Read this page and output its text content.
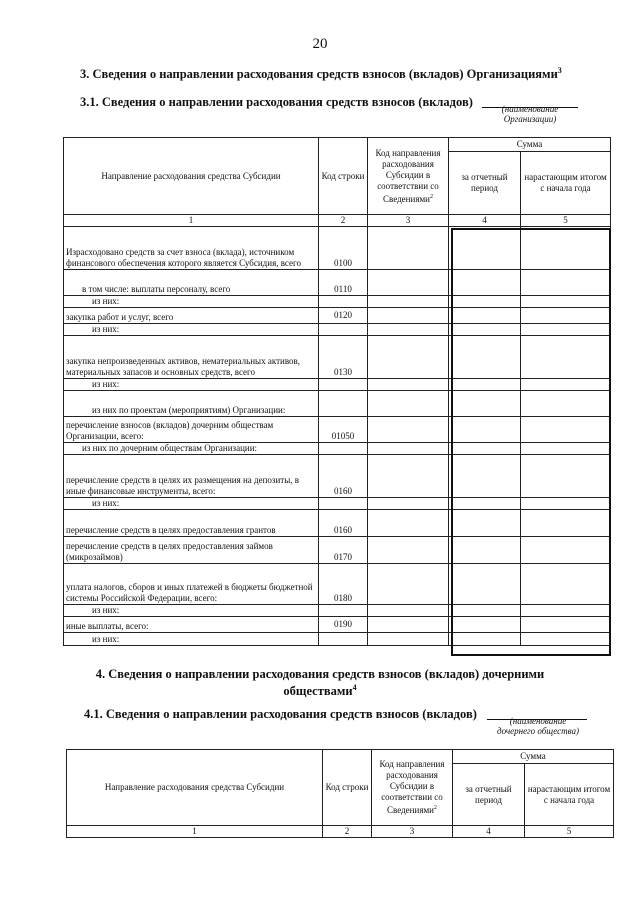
20
3. Сведения о направлении расходования средств взносов (вкладов) Организациями$^3$
3.1. Сведения о направлении расходования средств взносов (вкладов)	(наименование
Организации)
Направление расходования средства Субсидии	Код строки	Код направления расходования Субсидии в соответствии со Сведениями$^2$	Сумма	
			за отчетный период	нарастающим итогом с начала года
1	2	3	4	5
Израсходовано средств за счет взноса (вклада), источником финансового обеспечения которого является Субсидия, всего	0100			
в том числе: выплаты персоналу, всего	0110			
из них:				
закупка работ и услуг, всего	0120			
из них:				
закупка непроизведенных активов, нематериальных активов, материальных запасов и основных средств, всего	0130			
из них:				
из них по проектам (мероприятиям) Организации:				
перечисление взносов (вкладов) дочерним обществам Организации, всего:	01050			
из них по дочерним обществам Организации:				
перечисление средств в целях их размещения на депозиты, в иные финансовые инструменты, всего:	0160			
из них:				
перечисление средств в целях предоставления грантов	0160			
перечисление средств в целях предоставления займов (микрозаймов)	0170			
уплата налогов, сборов и иных платежей в бюджеты бюджетной системы Российской Федерации, всего:	0180			
из них:				
иные выплаты, всего:	0190			
из них:				
4. Сведения о направлении расходования средств взносов (вкладов) дочерними
обществами$^4$
4.1. Сведения о направлении расходования средств взносов (вкладов)	(наименование
дочернего общества)
Направление расходования средства Субсидии	Код строки	Код направления расходования Субсидии в соответствии со Сведениями$^2$	Сумма	
			за отчетный период	нарастающим итогом с начала года
1	2	3	4	5
